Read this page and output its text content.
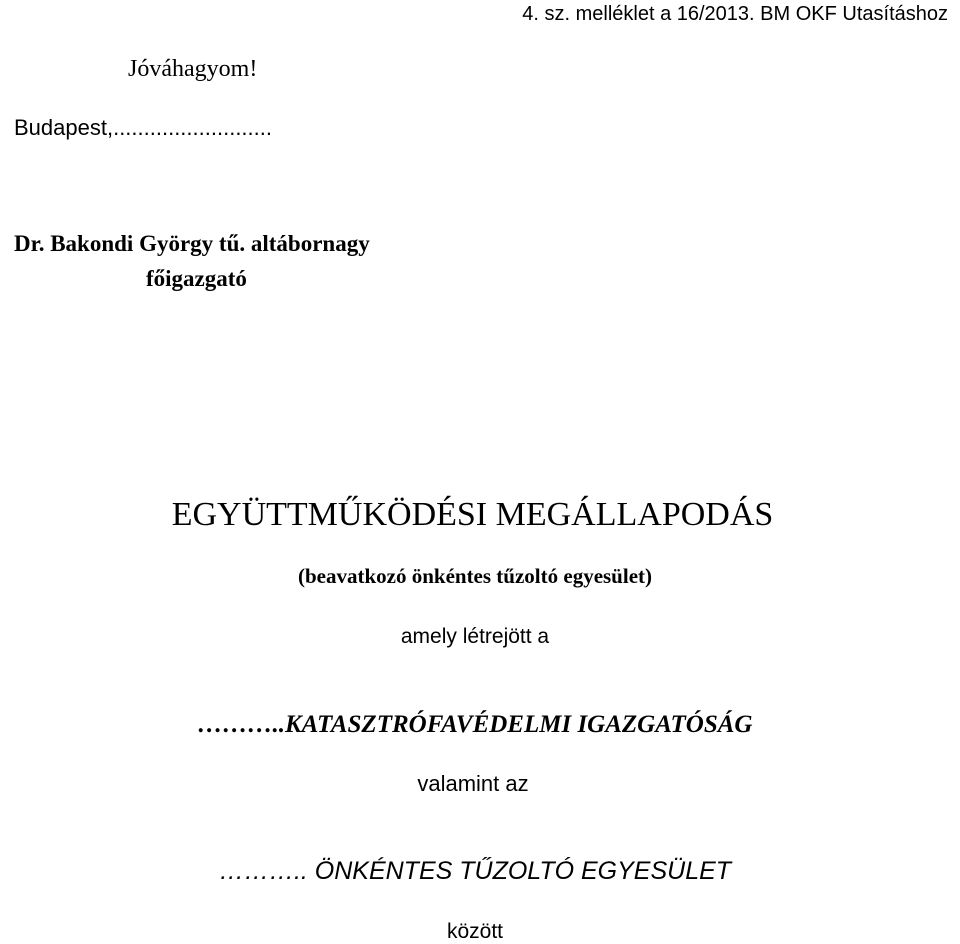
4. sz. melléklet a 16/2013. BM OKF Utasításhoz
Jóváhagyom!
Budapest,..........................
Dr. Bakondi György tű. altábornagy
főigazgató
EGYÜTTMŰKÖDÉSI MEGÁLLAPODÁS
(beavatkozó önkéntes tűzoltó egyesület)
amely létrejött a
………..KATASZTRÓFAVÉDELMI IGAZGATÓSÁG
valamint az
……….. ÖNKÉNTES TŰZOLTÓ EGYESÜLET
között
